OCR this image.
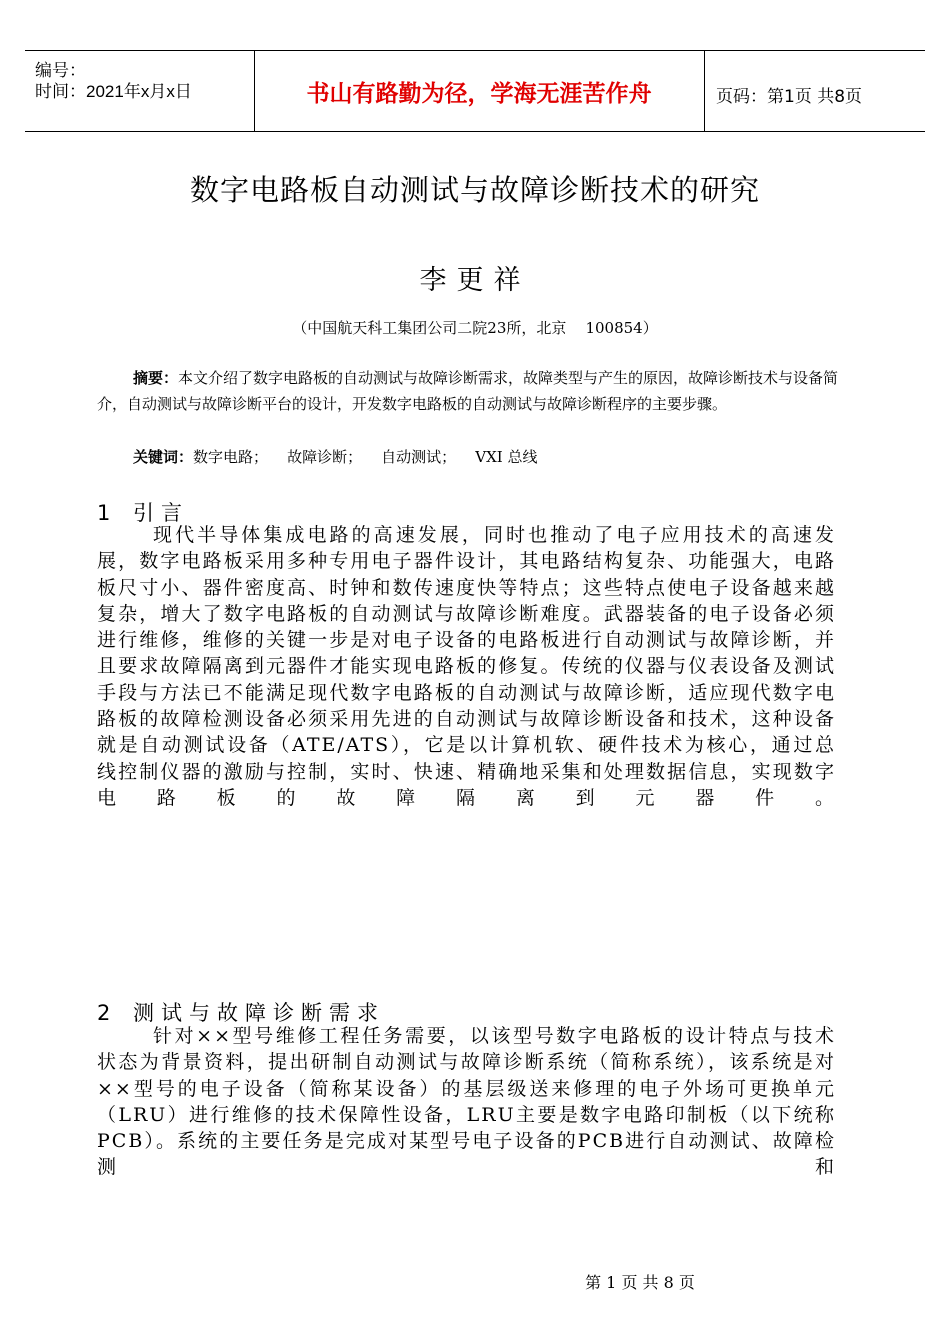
编号：
时间：2021年x月x日	书山有路勤为径，学海无涯苦作舟	页码：第1页 共8页
数字电路板自动测试与故障诊断技术的研究
李更祥
（中国航天科工集团公司二院23所，北京    100854）

摘要：本文介绍了数字电路板的自动测试与故障诊断需求，故障类型与产生的原因，故障诊断技术与设备简介，自动测试与故障诊断平台的设计，开发数字电路板的自动测试与故障诊断程序的主要步骤。

关键词：数字电路；    故障诊断；    自动测试；    VXI 总线
1 引言

现代半导体集成电路的高速发展，同时也推动了电子应用技术的高速发展，数字电路板采用多种专用电子器件设计，其电路结构复杂、功能强大，电路板尺寸小、器件密度高、时钟和数传速度快等特点；这些特点使电子设备越来越复杂，增大了数字电路板的自动测试与故障诊断难度。武器装备的电子设备必须进行维修，维修的关键一步是对电子设备的电路板进行自动测试与故障诊断，并且要求故障隔离到元器件才能实现电路板的修复。传统的仪器与仪表设备及测试手段与方法已不能满足现代数字电路板的自动测试与故障诊断，适应现代数字电路板的故障检测设备必须采用先进的自动测试与故障诊断设备和技术，这种设备就是自动测试设备（ATE/ATS），它是以计算机软、硬件技术为核心，通过总线控制仪器的激励与控制，实时、快速、精确地采集和处理数据信息，实现数字电路板的故障隔离到元器件。

2 测试与故障诊断需求

针对××型号维修工程任务需要，以该型号数字电路板的设计特点与技术状态为背景资料，提出研制自动测试与故障诊断系统（简称系统），该系统是对××型号的电子设备（简称某设备）的基层级送来修理的电子外场可更换单元（LRU）进行维修的技术保障性设备，LRU主要是数字电路印制板（以下统称PCB）。系统的主要任务是完成对某型号电子设备的PCB进行自动测试、故障检测和

第 1 页 共 8 页
